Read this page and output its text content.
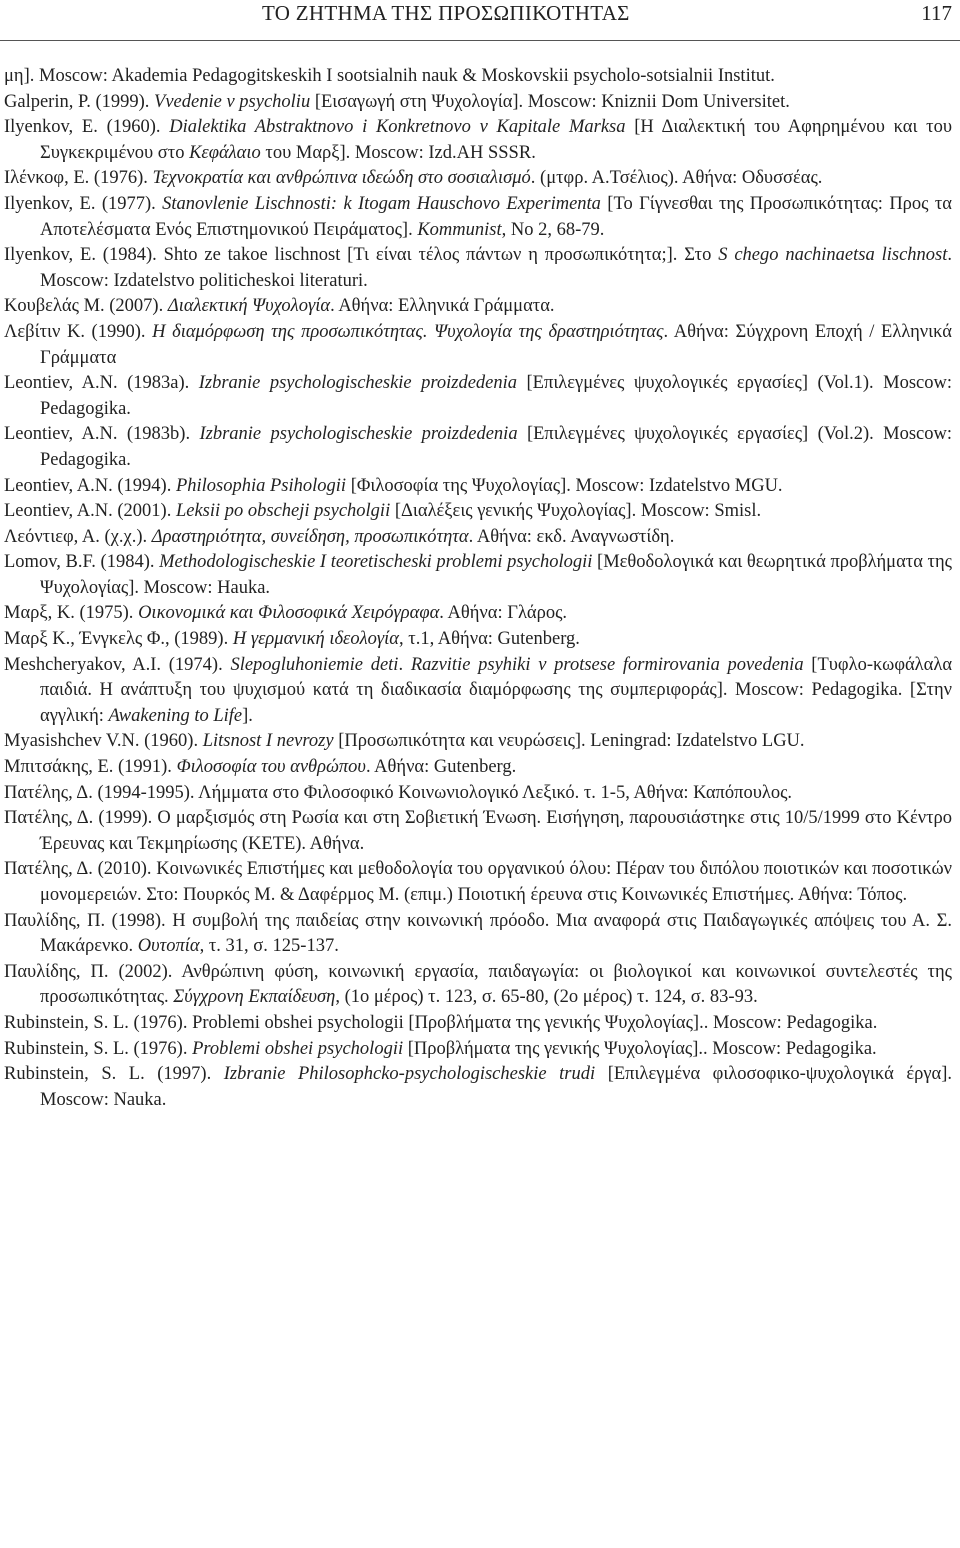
ΤΟ ΖΗΤΗΜΑ ΤΗΣ ΠΡΟΣΩΠΙΚΟΤΗΤΑΣ	117

μη]. Moscow: Akademia Pedagogitskeskih I sootsialnih nauk & Moskovskii psycholo-sotsialnii Institut.

Galperin, P. (1999). Vvedenie v psycholiu [Εισαγωγή στη Ψυχολογία]. Moscow: Kniznii Dom Universitet.

Ilyenkov, E. (1960). Dialektika Abstraktnovo i Konkretnovo v Kapitale Marksa [Η Διαλεκτική του Αφηρημένου και του Συγκεκριμένου στο Κεφάλαιο του Μαρξ]. Moscow: Izd.AH SSSR.

Ιλένκοφ, Ε. (1976). Τεχνοκρατία και ανθρώπινα ιδεώδη στο σοσιαλισμό. (μτφρ. Α.Τσέλιος). Αθήνα: Οδυσσέας.

Ilyenkov, E. (1977). Stanovlenie Lischnosti: k Itogam Hauschovo Experimenta [Το Γίγνεσθαι της Προσωπικότητας: Προς τα Αποτελέσματα Ενός Επιστημονικού Πειράματος]. Kommunist, No 2, 68-79.

Ilyenkov, E. (1984). Shto ze takoe lischnost [Τι είναι τέλος πάντων η προσωπικότητα;]. Στο S chego nachinaetsa lischnost. Moscow: Izdatelstvo politicheskoi literaturi.

Κουβελάς Μ. (2007). Διαλεκτική Ψυχολογία. Αθήνα: Ελληνικά Γράμματα.

Λεβίτιν Κ. (1990). Η διαμόρφωση της προσωπικότητας. Ψυχολογία της δραστηριότητας. Αθήνα: Σύγχρονη Εποχή / Ελληνικά Γράμματα

Leontiev, A.N. (1983a). Izbranie psychologischeskie proizdedenia [Επιλεγμένες ψυχολογικές εργασίες] (Vol.1). Moscow: Pedagogika.

Leontiev, A.N. (1983b). Izbranie psychologischeskie proizdedenia [Επιλεγμένες ψυχολογικές εργασίες] (Vol.2). Moscow: Pedagogika.

Leontiev, A.N. (1994). Philosophia Psihologii [Φιλοσοφία της Ψυχολογίας]. Moscow: Izdatelstvo MGU.

Leontiev, A.N. (2001). Leksii po obscheji psycholgii [Διαλέξεις γενικής Ψυχολογίας]. Moscow: Smisl.

Λεόντιεφ, Α. (χ.χ.). Δραστηριότητα, συνείδηση, προσωπικότητα. Αθήνα: εκδ. Αναγνωστίδη.

Lomov, B.F. (1984). Methodologischeskie I teoretischeski problemi psychologii [Μεθοδολογικά και θεωρητικά προβλήματα της Ψυχολογίας]. Moscow: Hauka.

Μαρξ, Κ. (1975). Οικονομικά και Φιλοσοφικά Χειρόγραφα. Αθήνα: Γλάρος.

Μαρξ Κ., Ένγκελς Φ., (1989). Η γερμανική ιδεολογία, τ.1, Αθήνα: Gutenberg.

Meshcheryakov, A.I. (1974). Slepogluhoniemie deti. Razvitie psyhiki v protsese formirovania povedenia [Τυφλο-κωφάλαλα παιδιά. Η ανάπτυξη του ψυχισμού κατά τη διαδικασία διαμόρφωσης της συμπεριφοράς]. Moscow: Pedagogika. [Στην αγγλική: Awakening to Life].

Myasishchev V.N. (1960). Litsnost I nevrozy [Προσωπικότητα και νευρώσεις]. Leningrad: Izdatelstvo LGU.

Μπιτσάκης, Ε. (1991). Φιλοσοφία του ανθρώπου. Αθήνα: Gutenberg.

Πατέλης, Δ. (1994-1995). Λήμματα στο Φιλοσοφικό Κοινωνιολογικό Λεξικό. τ. 1-5, Αθήνα: Καπόπουλος.

Πατέλης, Δ. (1999). Ο μαρξισμός στη Ρωσία και στη Σοβιετική Ένωση. Εισήγηση, παρουσιάστηκε στις 10/5/1999 στο Κέντρο Έρευνας και Τεκμηρίωσης (ΚΕΤΕ). Αθήνα.

Πατέλης, Δ. (2010). Κοινωνικές Επιστήμες και μεθοδολογία του οργανικού όλου: Πέραν του διπόλου ποιοτικών και ποσοτικών μονομερειών. Στο: Πουρκός Μ. & Δαφέρμος Μ. (επιμ.) Ποιοτική έρευνα στις Κοινωνικές Επιστήμες. Αθήνα: Τόπος.

Παυλίδης, Π. (1998). Η συμβολή της παιδείας στην κοινωνική πρόοδο. Μια αναφορά στις Παιδαγωγικές απόψεις του Α. Σ. Μακάρενκο. Ουτοπία, τ. 31, σ. 125-137.

Παυλίδης, Π. (2002). Ανθρώπινη φύση, κοινωνική εργασία, παιδαγωγία: οι βιολογικοί και κοινωνικοί συντελεστές της προσωπικότητας. Σύγχρονη Εκπαίδευση, (1ο μέρος) τ. 123, σ. 65-80, (2ο μέρος) τ. 124, σ. 83-93.

Rubinstein, S. L. (1976). Problemi obshei psychologii [Προβλήματα της γενικής Ψυχολογίας].. Moscow: Pedagogika.

Rubinstein, S. L. (1976). Problemi obshei psychologii [Προβλήματα της γενικής Ψυχολογίας].. Moscow: Pedagogika.

Rubinstein, S. L. (1997). Izbranie Philosophcko-psychologischeskie trudi [Επιλεγμένα φιλοσοφικο-ψυχολογικά έργα]. Moscow: Nauka.
